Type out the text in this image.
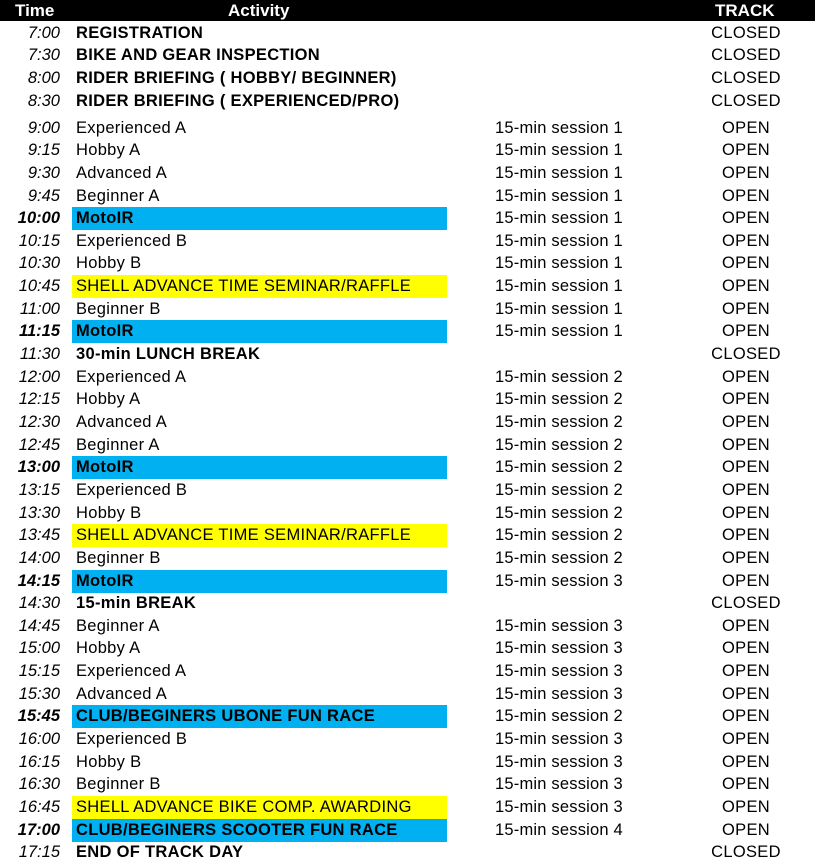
Time	Activity	TRACK
7:00 REGISTRATION	CLOSED
7:30 BIKE AND GEAR INSPECTION	CLOSED
8:00 RIDER BRIEFING ( HOBBY/ BEGINNER)	CLOSED
8:30 RIDER BRIEFING ( EXPERIENCED/PRO)	CLOSED
9:00 Experienced A	15-min session 1	OPEN
9:15 Hobby A	15-min session 1	OPEN
9:30 Advanced A	15-min session 1	OPEN
9:45 Beginner A	15-min session 1	OPEN
10:00 MotoIR	15-min session 1	OPEN
10:15 Experienced B	15-min session 1	OPEN
10:30 Hobby B	15-min session 1	OPEN
10:45 SHELL ADVANCE TIME SEMINAR/RAFFLE	15-min session 1	OPEN
11:00 Beginner B	15-min session 1	OPEN
11:15 MotoIR	15-min session 1	OPEN
11:30 30-min LUNCH BREAK	CLOSED
12:00 Experienced A	15-min session 2	OPEN
12:15 Hobby A	15-min session 2	OPEN
12:30 Advanced A	15-min session 2	OPEN
12:45 Beginner A	15-min session 2	OPEN
13:00 MotoIR	15-min session 2	OPEN
13:15 Experienced B	15-min session 2	OPEN
13:30 Hobby B	15-min session 2	OPEN
13:45 SHELL ADVANCE TIME SEMINAR/RAFFLE	15-min session 2	OPEN
14:00 Beginner B	15-min session 2	OPEN
14:15 MotoIR	15-min session 3	OPEN
14:30 15-min BREAK	CLOSED
14:45 Beginner A	15-min session 3	OPEN
15:00 Hobby A	15-min session 3	OPEN
15:15 Experienced A	15-min session 3	OPEN
15:30 Advanced A	15-min session 3	OPEN
15:45 CLUB/BEGINERS UBONE FUN RACE	15-min session 2	OPEN
16:00 Experienced B	15-min session 3	OPEN
16:15 Hobby B	15-min session 3	OPEN
16:30 Beginner B	15-min session 3	OPEN
16:45 SHELL ADVANCE BIKE COMP. AWARDING	15-min session 3	OPEN
17:00 CLUB/BEGINERS SCOOTER FUN RACE	15-min session 4	OPEN
17:15 END OF TRACK DAY	CLOSED
